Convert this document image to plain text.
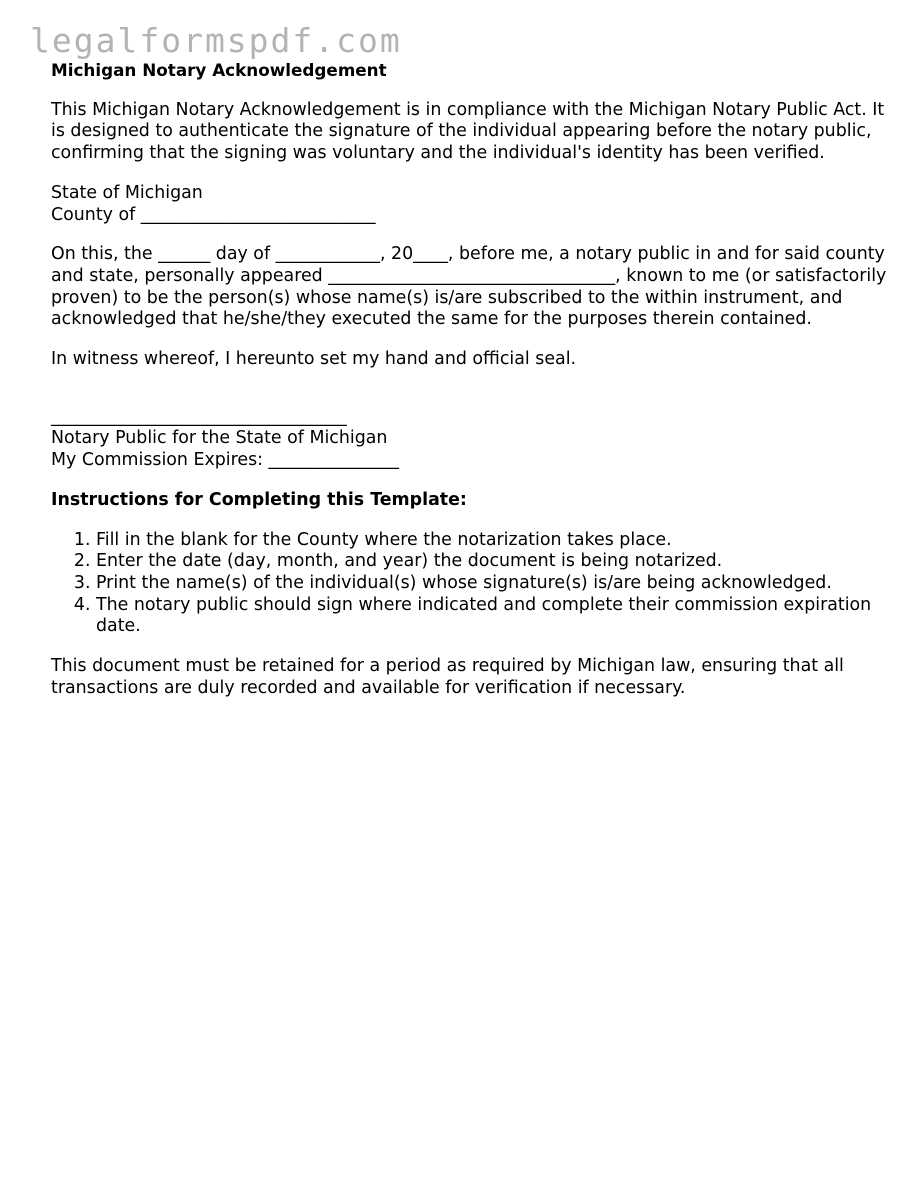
legalformspdf.com
Michigan Notary Acknowledgement

This Michigan Notary Acknowledgement is in compliance with the Michigan Notary Public Act. It is designed to authenticate the signature of the individual appearing before the notary public, confirming that the signing was voluntary and the individual's identity has been verified.

State of Michigan
County of ___________________________

On this, the ______ day of ____________, 20____, before me, a notary public in and for said county and state, personally appeared _________________________________, known to me (or satisfactorily proven) to be the person(s) whose name(s) is/are subscribed to the within instrument, and acknowledged that he/she/they executed the same for the purposes therein contained.

In witness whereof, I hereunto set my hand and official seal.

__________________________________
Notary Public for the State of Michigan
My Commission Expires: _______________
Instructions for Completing this Template:
1. Fill in the blank for the County where the notarization takes place.
2. Enter the date (day, month, and year) the document is being notarized.
3. Print the name(s) of the individual(s) whose signature(s) is/are being acknowledged.
4. The notary public should sign where indicated and complete their commission expiration date.

This document must be retained for a period as required by Michigan law, ensuring that all transactions are duly recorded and available for verification if necessary.
